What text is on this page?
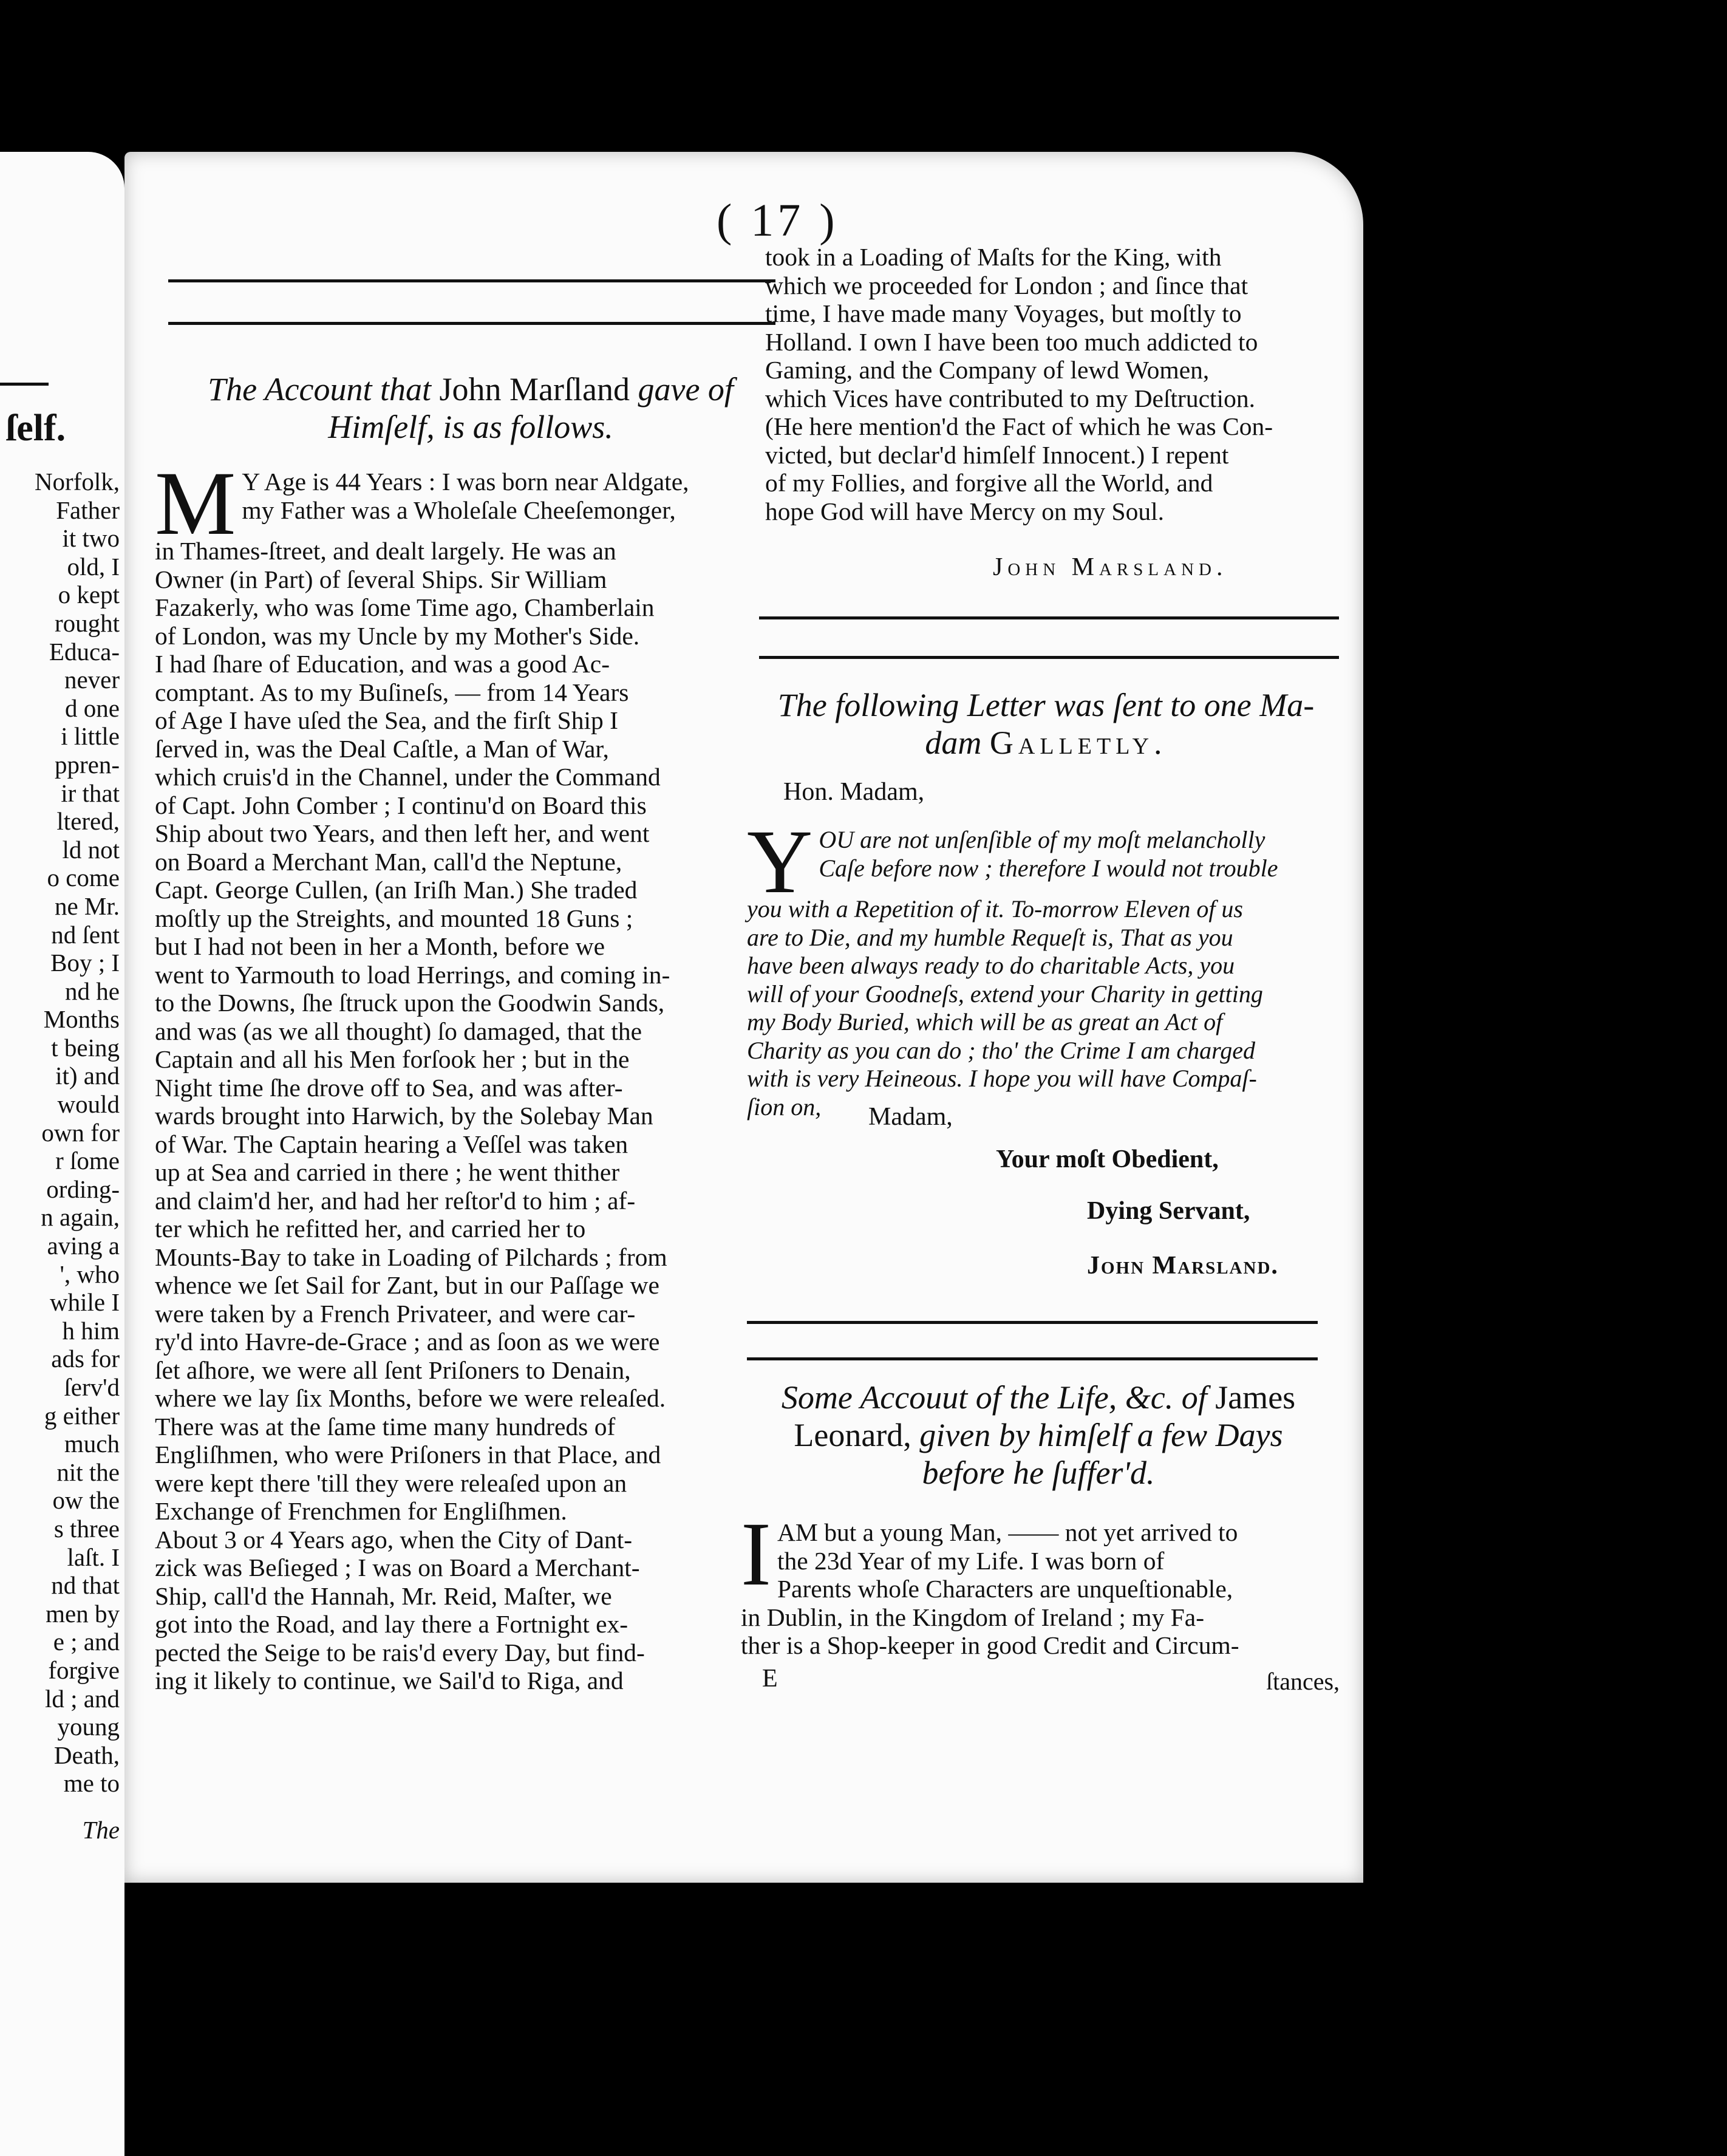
ſelf.
Norfolk,
Father
it two
old, I
o kept
rought
Educa-
never
d one
i little
ppren-
ir that
ltered,
ld not
o come
ne Mr.
nd ſent
Boy ; I
nd he
Months
t being
it) and
would
own for
r ſome
ording-
n again,
aving a
', who
while I
h him
ads for
ſerv'd
g either
much
nit the
ow the
s three
laſt. I
nd that
men by
e ; and
forgive
ld ; and
young
Death,
me to
The
( 17 )
The Account that John Marſland gave of
Himſelf, is as follows.
M Y Age is 44 Years : I was born near Aldgate,
my Father was a Wholeſale Cheeſemonger,
in Thames-ſtreet, and dealt largely. He was an
Owner (in Part) of ſeveral Ships. Sir William
Fazakerly, who was ſome Time ago, Chamberlain
of London, was my Uncle by my Mother's Side.
I had ſhare of Education, and was a good Ac-
comptant. As to my Buſineſs, — from 14 Years
of Age I have uſed the Sea, and the firſt Ship I
ſerved in, was the Deal Caſtle, a Man of War,
which cruis'd in the Channel, under the Command
of Capt. John Comber ; I continu'd on Board this
Ship about two Years, and then left her, and went
on Board a Merchant Man, call'd the Neptune,
Capt. George Cullen, (an Iriſh Man.) She traded
moſtly up the Streights, and mounted 18 Guns ;
but I had not been in her a Month, before we
went to Yarmouth to load Herrings, and coming in-
to the Downs, ſhe ſtruck upon the Goodwin Sands,
and was (as we all thought) ſo damaged, that the
Captain and all his Men forſook her ; but in the
Night time ſhe drove off to Sea, and was after-
wards brought into Harwich, by the Solebay Man
of War. The Captain hearing a Veſſel was taken
up at Sea and carried in there ; he went thither
and claim'd her, and had her reſtor'd to him ; af-
ter which he refitted her, and carried her to
Mounts-Bay to take in Loading of Pilchards ; from
whence we ſet Sail for Zant, but in our Paſſage we
were taken by a French Privateer, and were car-
ry'd into Havre-de-Grace ; and as ſoon as we were
ſet aſhore, we were all ſent Priſoners to Denain,
where we lay ſix Months, before we were releaſed.
There was at the ſame time many hundreds of
Engliſhmen, who were Priſoners in that Place, and
were kept there 'till they were releaſed upon an
Exchange of Frenchmen for Engliſhmen.
About 3 or 4 Years ago, when the City of Dant-
zick was Beſieged ; I was on Board a Merchant-
Ship, call'd the Hannah, Mr. Reid, Maſter, we
got into the Road, and lay there a Fortnight ex-
pected the Seige to be rais'd every Day, but find-
ing it likely to continue, we Sail'd to Riga, and
took in a Loading of Maſts for the King, with
which we proceeded for London ; and ſince that
time, I have made many Voyages, but moſtly to
Holland. I own I have been too much addicted to
Gaming, and the Company of lewd Women,
which Vices have contributed to my Deſtruction.
(He here mention'd the Fact of which he was Con-
victed, but declar'd himſelf Innocent.) I repent
of my Follies, and forgive all the World, and
hope God will have Mercy on my Soul.
John Marsland.
The following Letter was ſent to one Ma-
dam Galletly.
Hon. Madam,
Y OU are not unſenſible of my moſt melancholly
Caſe before now ; therefore I would not trouble
you with a Repetition of it. To-morrow Eleven of us
are to Die, and my humble Requeſt is, That as you
have been always ready to do charitable Acts, you
will of your Goodneſs, extend your Charity in getting
my Body Buried, which will be as great an Act of
Charity as you can do ; tho' the Crime I am charged
with is very Heineous. I hope you will have Compaſ-
ſion on,	Madam,
Your moſt Obedient,
Dying Servant,
John Marsland.
Some Accouut of the Life, &c. of James
Leonard, given by himſelf a few Days
before he ſuffer'd.
I AM but a young Man, —— not yet arrived to
the 23d Year of my Life. I was born of
Parents whoſe Characters are unqueſtionable,
in Dublin, in the Kingdom of Ireland ; my Fa-
ther is a Shop-keeper in good Credit and Circum-
E	ſtances,
